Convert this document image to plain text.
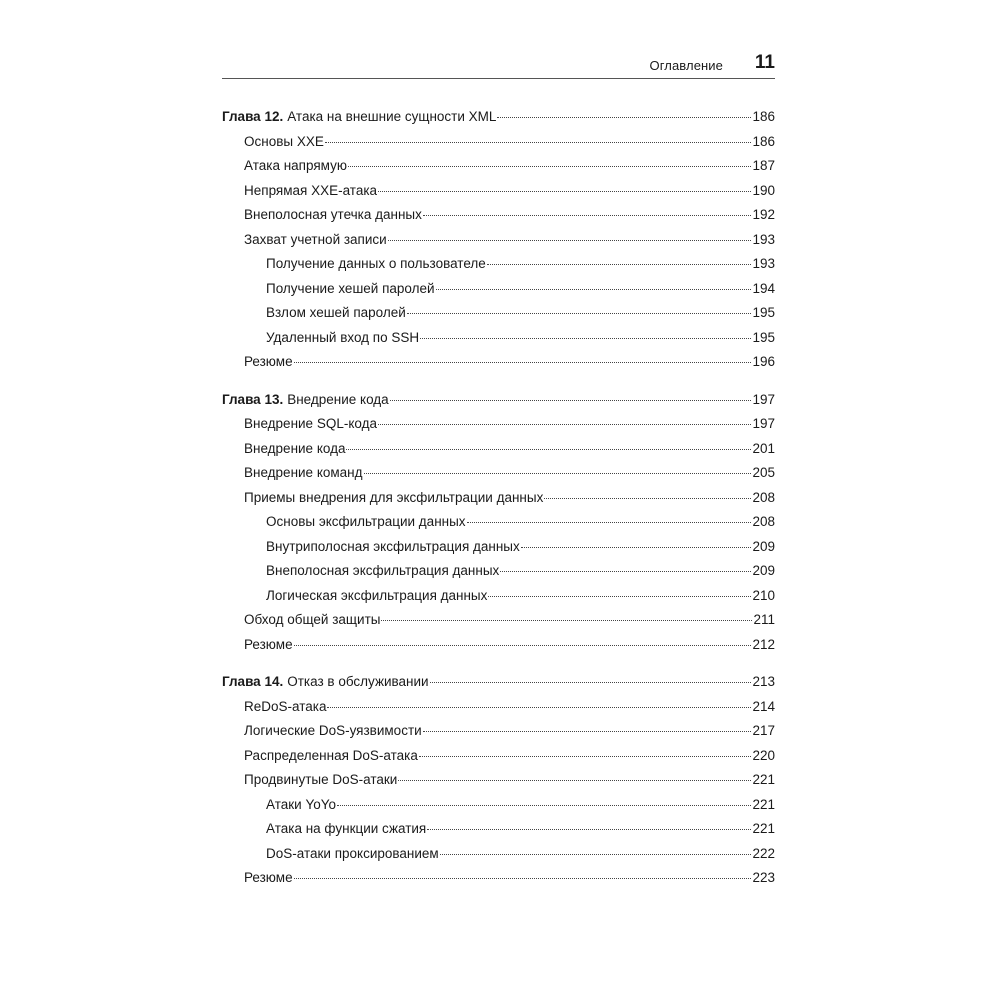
Оглавление 11
Глава 12. Атака на внешние сущности XML	186
Основы XXE	186
Атака напрямую	187
Непрямая XXE-атака	190
Внеполосная утечка данных	192
Захват учетной записи	193
Получение данных о пользователе	193
Получение хешей паролей	194
Взлом хешей паролей	195
Удаленный вход по SSH	195
Резюме	196
Глава 13. Внедрение кода	197
Внедрение SQL-кода	197
Внедрение кода	201
Внедрение команд	205
Приемы внедрения для эксфильтрации данных	208
Основы эксфильтрации данных	208
Внутриполосная эксфильтрация данных	209
Внеполосная эксфильтрация данных	209
Логическая эксфильтрация данных	210
Обход общей защиты	211
Резюме	212
Глава 14. Отказ в обслуживании	213
ReDoS-атака	214
Логические DoS-уязвимости	217
Распределенная DoS-атака	220
Продвинутые DoS-атаки	221
Атаки YoYo	221
Атака на функции сжатия	221
DoS-атаки проксированием	222
Резюме	223
